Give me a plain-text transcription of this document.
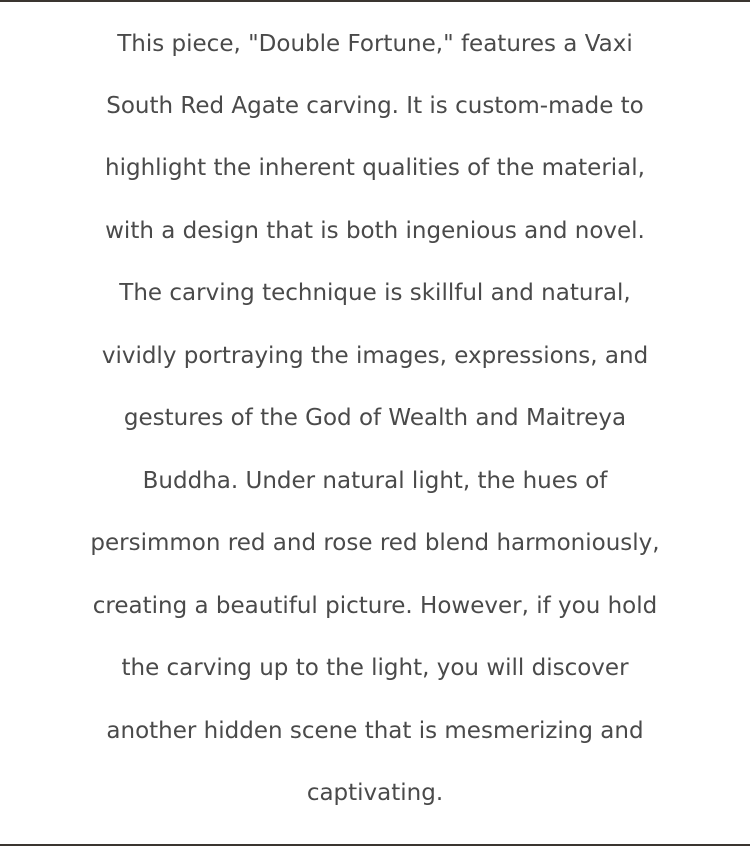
This piece, "Double Fortune," features a Vaxi
South Red Agate carving. It is custom-made to
highlight the inherent qualities of the material,
with a design that is both ingenious and novel.
The carving technique is skillful and natural,
vividly portraying the images, expressions, and
gestures of the God of Wealth and Maitreya
Buddha. Under natural light, the hues of
persimmon red and rose red blend harmoniously,
creating a beautiful picture. However, if you hold
the carving up to the light, you will discover
another hidden scene that is mesmerizing and
captivating.
